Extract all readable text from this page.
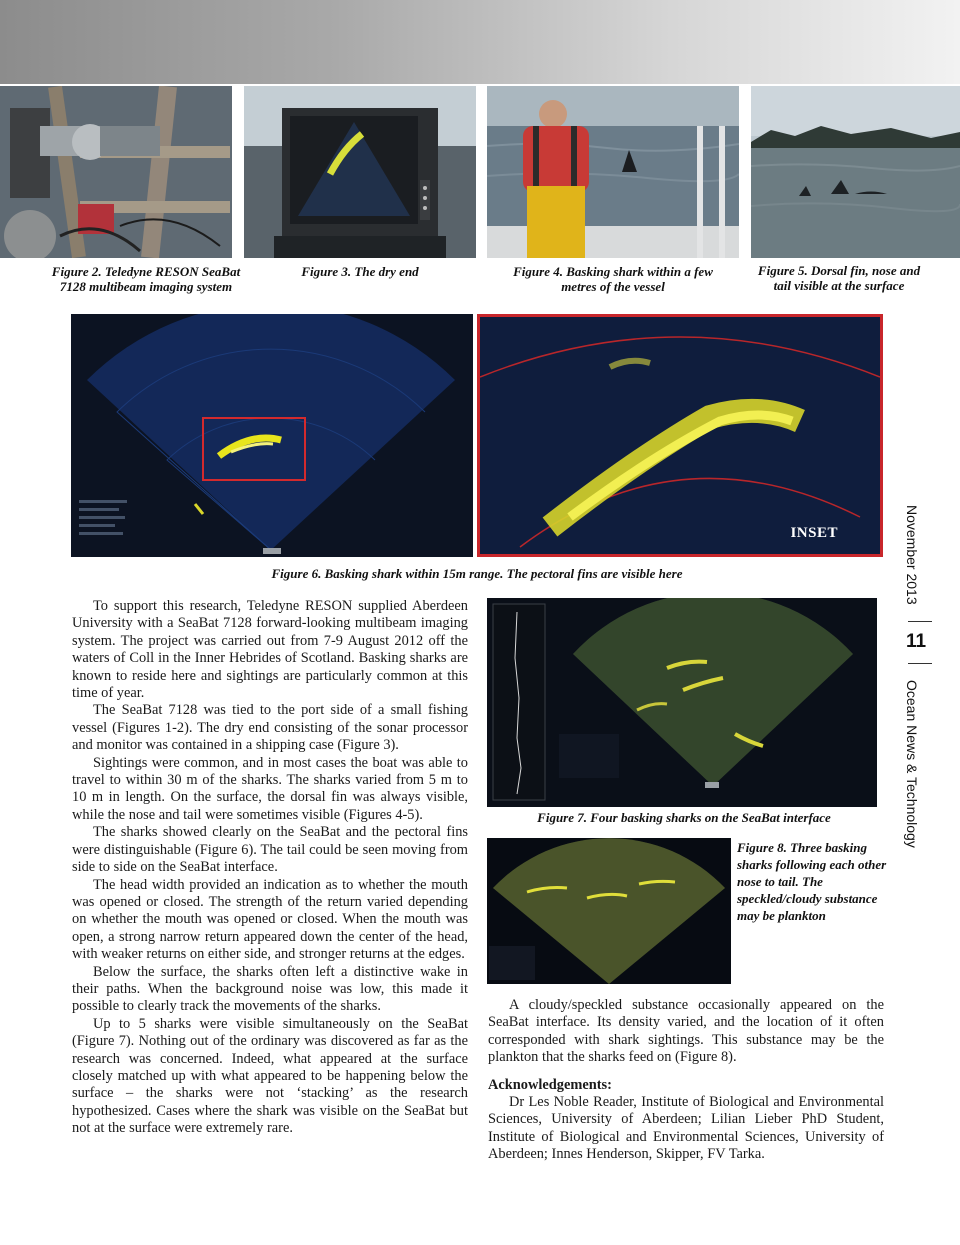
Figure 2. Teledyne RESON SeaBat 7128 multibeam imaging system
Figure 3. The dry end	Figure 4. Basking shark within a few metres of the vessel
Figure 5. Dorsal fin, nose and tail visible at the surface
INSET
Figure 6. Basking shark within 15m range. The pectoral fins are visible here
Figure 7. Four basking sharks on the SeaBat interface
Figure 8. Three basking sharks following each other nose to tail. The speckled/cloudy substance may be plankton

To support this research, Teledyne RESON supplied Aberdeen University with a SeaBat 7128 forward-looking multibeam imaging system. The project was carried out from 7-9 August 2012 off the waters of Coll in the Inner Hebrides of Scotland. Basking sharks are known to reside here and sightings are particularly common at this time of year.

The SeaBat 7128 was tied to the port side of a small fishing vessel (Figures 1-2). The dry end consisting of the sonar processor and monitor was contained in a shipping case (Figure 3).

Sightings were common, and in most cases the boat was able to travel to within 30 m of the sharks. The sharks varied from 5 m to 10 m in length. On the surface, the dorsal fin was always visible, while the nose and tail were sometimes visible (Figures 4-5).

The sharks showed clearly on the SeaBat and the pectoral fins were distinguishable (Figure 6). The tail could be seen moving from side to side on the SeaBat interface.

The head width provided an indication as to whether the mouth was opened or closed. The strength of the return varied depending on whether the mouth was opened or closed. When the mouth was open, a strong narrow return appeared down the center of the head, with weaker returns on either side, and stronger returns at the edges.

Below the surface, the sharks often left a distinctive wake in their paths. When the background noise was low, this made it possible to clearly track the movements of the sharks.

Up to 5 sharks were visible simultaneously on the SeaBat (Figure 7). Nothing out of the ordinary was discovered as far as the research was concerned. Indeed, what appeared at the surface closely matched up with what appeared to be happening below the surface – the sharks were not ‘stacking’ as the research hypothesized. Cases where the shark was visible on the SeaBat but not at the surface were extremely rare.

A cloudy/speckled substance occasionally appeared on the SeaBat interface. Its density varied, and the location of it often corresponded with shark sightings. This substance may be the plankton that the sharks feed on (Figure 8).

Acknowledgements:

Dr Les Noble Reader, Institute of Biological and Environmental Sciences, University of Aberdeen; Lilian Lieber PhD Student, Institute of Biological and Environmental Sciences, University of Aberdeen; Innes Henderson, Skipper, FV Tarka.

November 2013
11
Ocean News & Technology
